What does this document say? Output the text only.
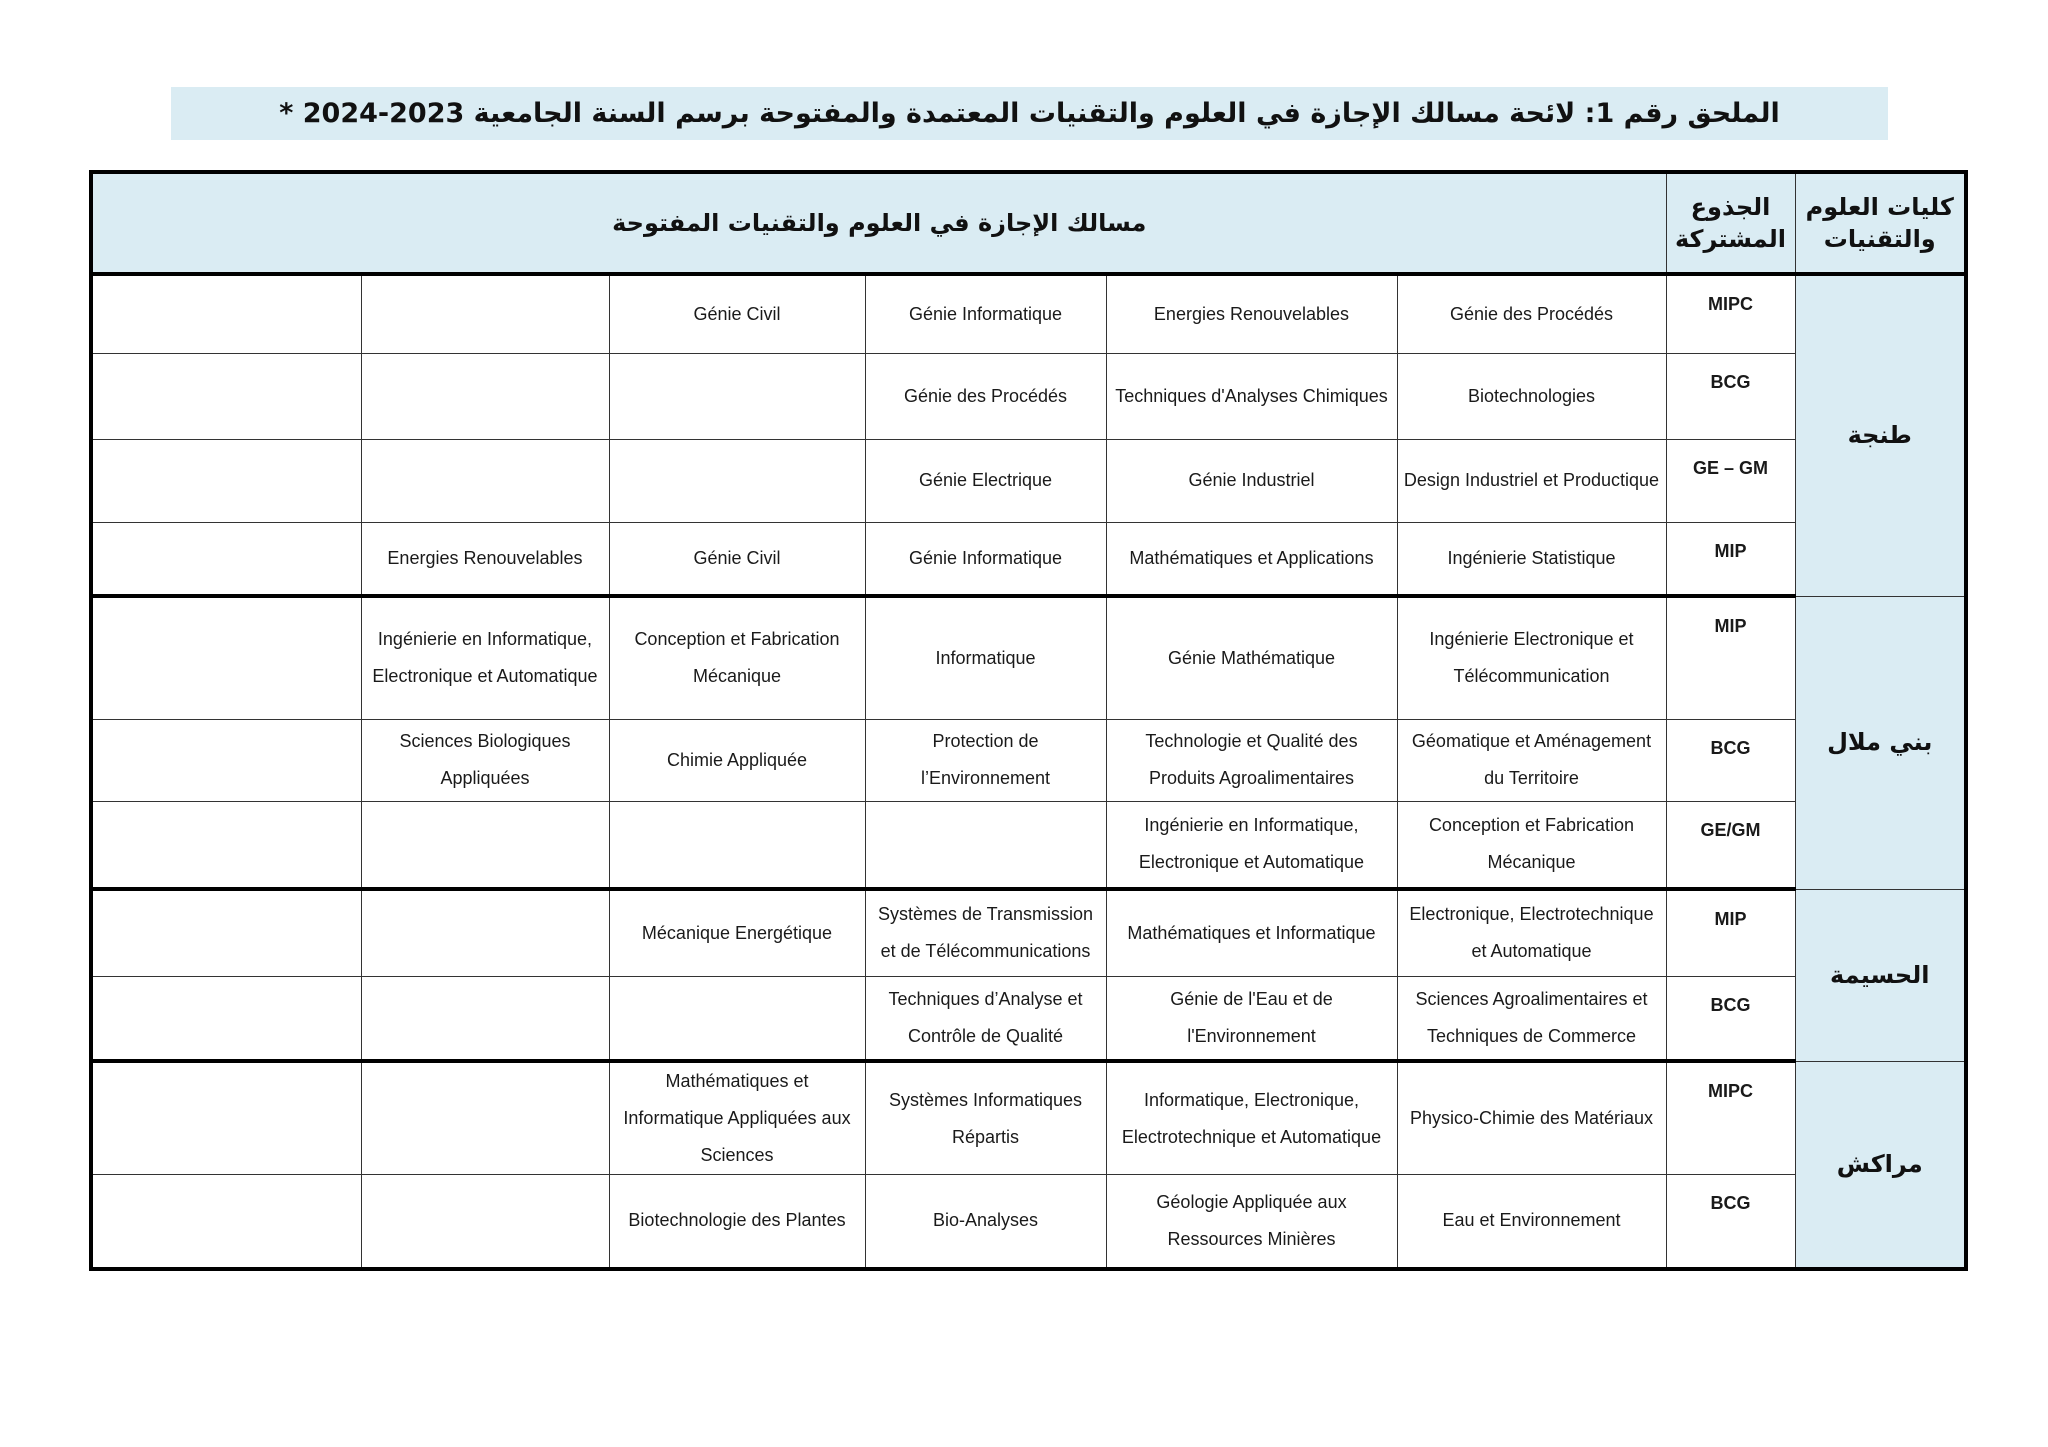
الملحق رقم 1: لائحة مسالك الإجازة في العلوم والتقنيات المعتمدة والمفتوحة برسم السنة الجامعية 2023-2024 *
كليات العلوم والتقنيات	الجذوع المشتركة	مسالك الإجازة في العلوم والتقنيات المفتوحة					
طنجة	MIPC	Génie des Procédés	Energies Renouvelables	Génie Informatique	Génie Civil		
	BCG	Biotechnologies	Techniques d'Analyses Chimiques	Génie des Procédés			
	GE – GM	Design Industriel et Productique	Génie Industriel	Génie Electrique			
	MIP	Ingénierie Statistique	Mathématiques et Applications	Génie Informatique	Génie Civil	Energies Renouvelables	
بني ملال	MIP	Ingénierie Electronique et Télécommunication	Génie Mathématique	Informatique	Conception et Fabrication Mécanique	Ingénierie en Informatique, Electronique et Automatique	
	BCG	Géomatique et Aménagement du Territoire	Technologie et Qualité des Produits Agroalimentaires	Protection de l’Environnement	Chimie Appliquée	Sciences Biologiques Appliquées	
	GE/GM	Conception et Fabrication Mécanique	Ingénierie en Informatique, Electronique et Automatique				
الحسيمة	MIP	Electronique, Electrotechnique et Automatique	Mathématiques et Informatique	Systèmes de Transmission et de Télécommunications	Mécanique Energétique		
	BCG	Sciences Agroalimentaires et Techniques de Commerce	Génie de l'Eau et de l'Environnement	Techniques d’Analyse et Contrôle de Qualité			
مراكش	MIPC	Physico-Chimie des Matériaux	Informatique, Electronique, Electrotechnique et Automatique	Systèmes Informatiques Répartis	Mathématiques et Informatique Appliquées aux Sciences		
	BCG	Eau et Environnement	Géologie Appliquée aux Ressources Minières	Bio-Analyses	Biotechnologie des Plantes		
